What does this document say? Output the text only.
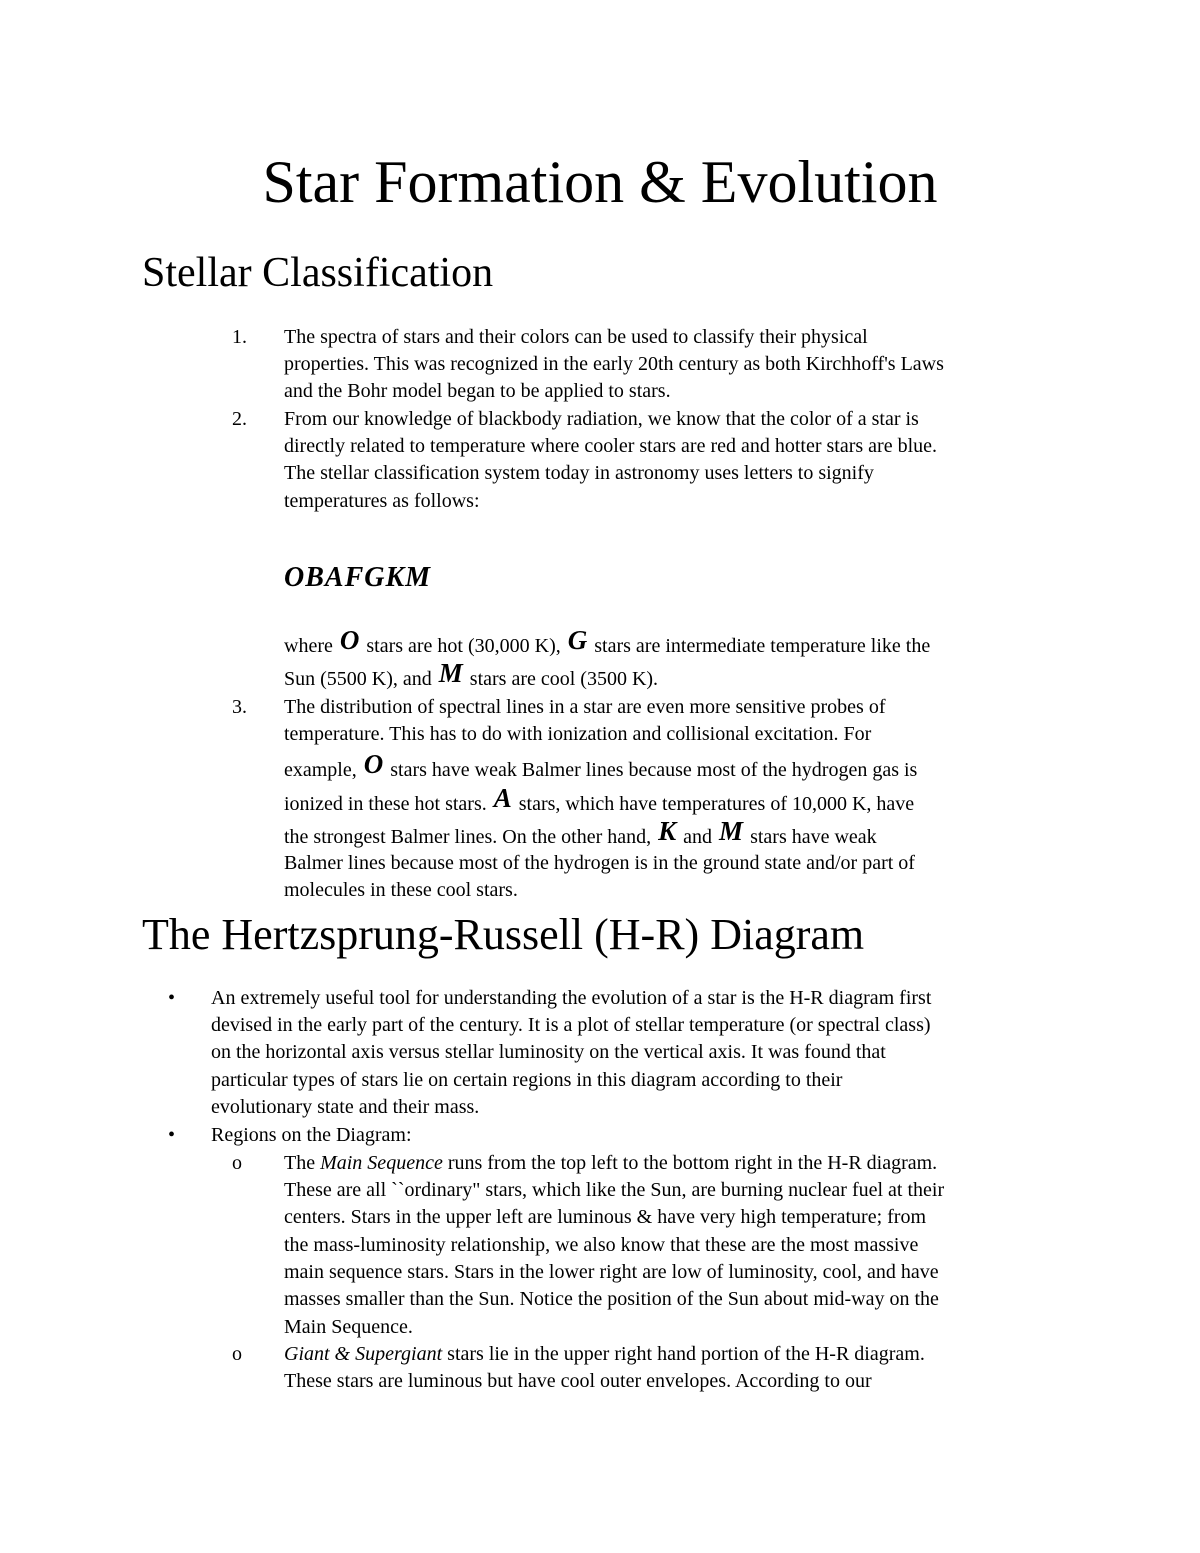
Star Formation & Evolution
Stellar Classification
1. The spectra of stars and their colors can be used to classify their physical
properties. This was recognized in the early 20th century as both Kirchhoff's Laws
and the Bohr model began to be applied to stars.
2. From our knowledge of blackbody radiation, we know that the color of a star is
directly related to temperature where cooler stars are red and hotter stars are blue.
The stellar classification system today in astronomy uses letters to signify
temperatures as follows:
OBAFGKM
where O stars are hot (30,000 K), G stars are intermediate temperature like the
Sun (5500 K), and M stars are cool (3500 K).
3. The distribution of spectral lines in a star are even more sensitive probes of
temperature. This has to do with ionization and collisional excitation. For
example, O stars have weak Balmer lines because most of the hydrogen gas is
ionized in these hot stars. A stars, which have temperatures of 10,000 K, have
the strongest Balmer lines. On the other hand, K and M stars have weak
Balmer lines because most of the hydrogen is in the ground state and/or part of
molecules in these cool stars.
The Hertzsprung-Russell (H-R) Diagram
• An extremely useful tool for understanding the evolution of a star is the H-R diagram first
devised in the early part of the century. It is a plot of stellar temperature (or spectral class)
on the horizontal axis versus stellar luminosity on the vertical axis. It was found that
particular types of stars lie on certain regions in this diagram according to their
evolutionary state and their mass.
• Regions on the Diagram:
o The Main Sequence runs from the top left to the bottom right in the H-R diagram.
These are all ``ordinary" stars, which like the Sun, are burning nuclear fuel at their
centers. Stars in the upper left are luminous & have very high temperature; from
the mass-luminosity relationship, we also know that these are the most massive
main sequence stars. Stars in the lower right are low of luminosity, cool, and have
masses smaller than the Sun. Notice the position of the Sun about mid-way on the
Main Sequence.
o Giant & Supergiant stars lie in the upper right hand portion of the H-R diagram.
These stars are luminous but have cool outer envelopes. According to our
